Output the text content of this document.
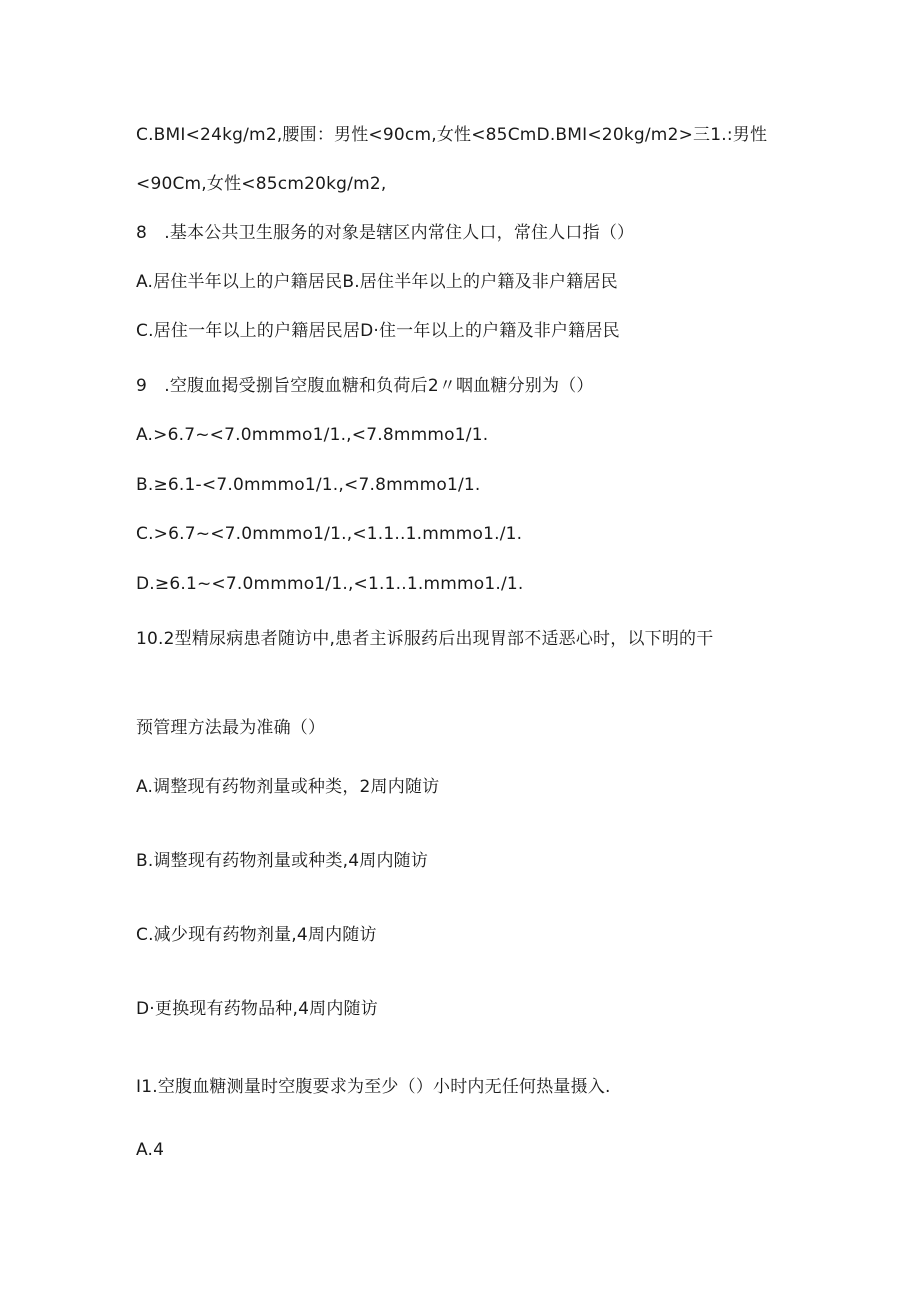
C.BMI<24kg∕m2,腰围：男性<90cm,女性<85CmD.BMI<20kg∕m2>三1.:男性
<90Cm,女性<85cm20kg∕m2,
8　.基本公共卫生服务的对象是辖区内常住人口，常住人口指（）
A.居住半年以上的户籍居民B.居住半年以上的户籍及非户籍居民
C.居住一年以上的户籍居民居D·住一年以上的户籍及非户籍居民
9　.空腹血掲受捌旨空腹血糖和负荷后2〃咽血糖分别为（）
A.>6.7~<7.0mmmo1∕1.,<7.8mmmo1∕1.
B.≥6.1-<7.0mmmo1∕1.,<7.8mmmo1∕1.
C.>6.7~<7.0mmmo1∕1.,<1.1..1.mmmo1./1.
D.≥6.1~<7.0mmmo1∕1.,<1.1..1.mmmo1./1.
10.2型精尿病患者随访中,患者主诉服药后出现胃部不适恶心时，以下明的干
预管理方法最为准确（）
A.调整现有药物剂量或种类，2周内随访
B.调整现有药物剂量或种类,4周内随访
C.减少现有药物剂量,4周内随访
D·更换现有药物品种,4周内随访
I1.空腹血糖测量时空腹要求为至少（）小时内无任何热量摄入.
A.4
